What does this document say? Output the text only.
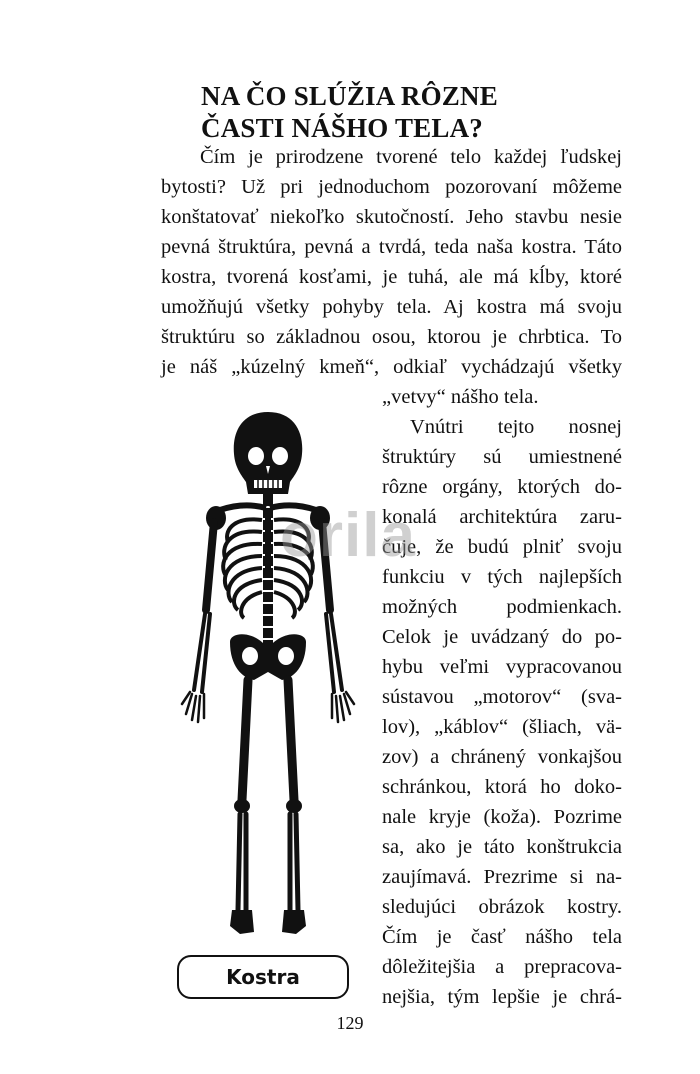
NA ČO SLÚŽIA RÔZNE
ČASTI NÁŠHO TELA?
Čím je prirodzene tvorené telo každej ľudskej
bytosti? Už pri jednoduchom pozorovaní môžeme
konštatovať niekoľko skutočností. Jeho stavbu nesie
pevná štruktúra, pevná a tvrdá, teda naša kostra. Táto
kostra, tvorená kosťami, je tuhá, ale má kĺby, ktoré
umožňujú všetky pohyby tela. Aj kostra má svoju
štruktúru so základnou osou, ktorou je chrbtica. To
je náš „kúzelný kmeň“, odkiaľ vychádzajú všetky
„vetvy“ nášho tela.
Vnútri tejto nosnej
štruktúry sú umiestnené
rôzne orgány, ktorých do-
konalá architektúra zaru-
čuje, že budú plniť svoju
funkciu v tých najlepších
možných podmienkach.
Celok je uvádzaný do po-
hybu veľmi vypracovanou
sústavou „motorov“ (sva-
lov), „káblov“ (šliach, vä-
zov) a chránený vonkajšou
schránkou, ktorá ho doko-
nale kryje (koža). Pozrime
sa, ako je táto konštrukcia
zaujímavá. Prezrime si na-
sledujúci obrázok kostry.
Čím je časť nášho tela
dôležitejšia a prepracova-
nejšia, tým lepšie je chrá-
orila
Kostra
129
